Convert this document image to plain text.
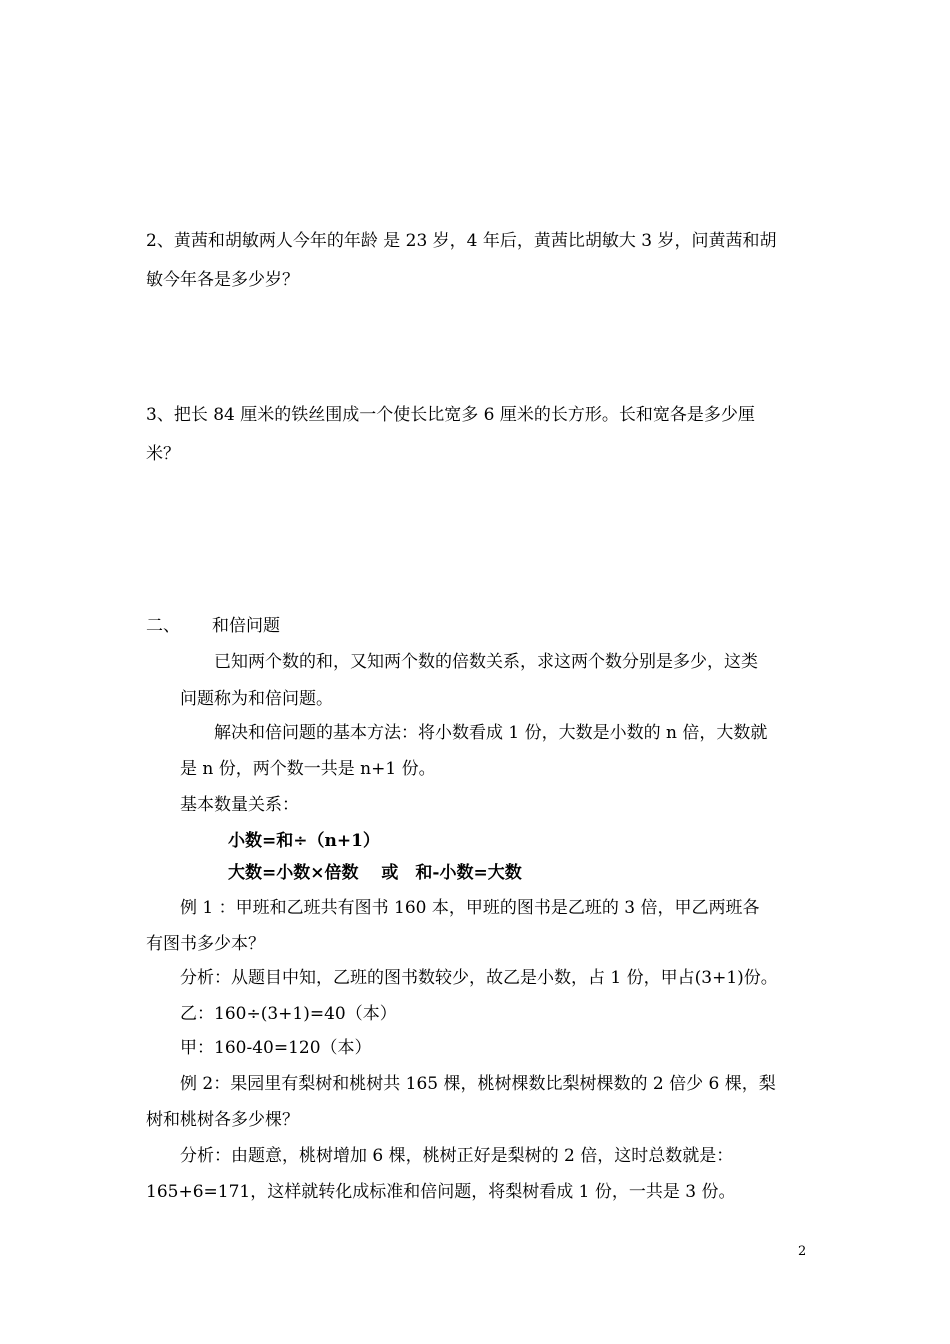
2、黄茜和胡敏两人今年的年龄 是 23 岁，4 年后，黄茜比胡敏大 3 岁，问黄茜和胡
敏今年各是多少岁？
3、把长 84 厘米的铁丝围成一个使长比宽多 6 厘米的长方形。长和宽各是多少厘
米？
二、 和倍问题
已知两个数的和，又知两个数的倍数关系，求这两个数分别是多少，这类
问题称为和倍问题。
解决和倍问题的基本方法：将小数看成 1 份，大数是小数的 n 倍，大数就
是 n 份，两个数一共是 n+1 份。
基本数量关系：
小数=和÷（n+1）
大数=小数×倍数　 或　和-小数=大数
例 1 ：甲班和乙班共有图书 160 本，甲班的图书是乙班的 3 倍，甲乙两班各
有图书多少本？
分析：从题目中知，乙班的图书数较少，故乙是小数，占 1 份，甲占(3+1)份。
乙：160÷(3+1)=40（本）
甲：160-40=120（本）
例 2：果园里有梨树和桃树共 165 棵，桃树棵数比梨树棵数的 2 倍少 6 棵，梨
树和桃树各多少棵？
分析：由题意，桃树增加 6 棵，桃树正好是梨树的 2 倍，这时总数就是：
165+6=171，这样就转化成标准和倍问题，将梨树看成 1 份，一共是 3 份。
2
